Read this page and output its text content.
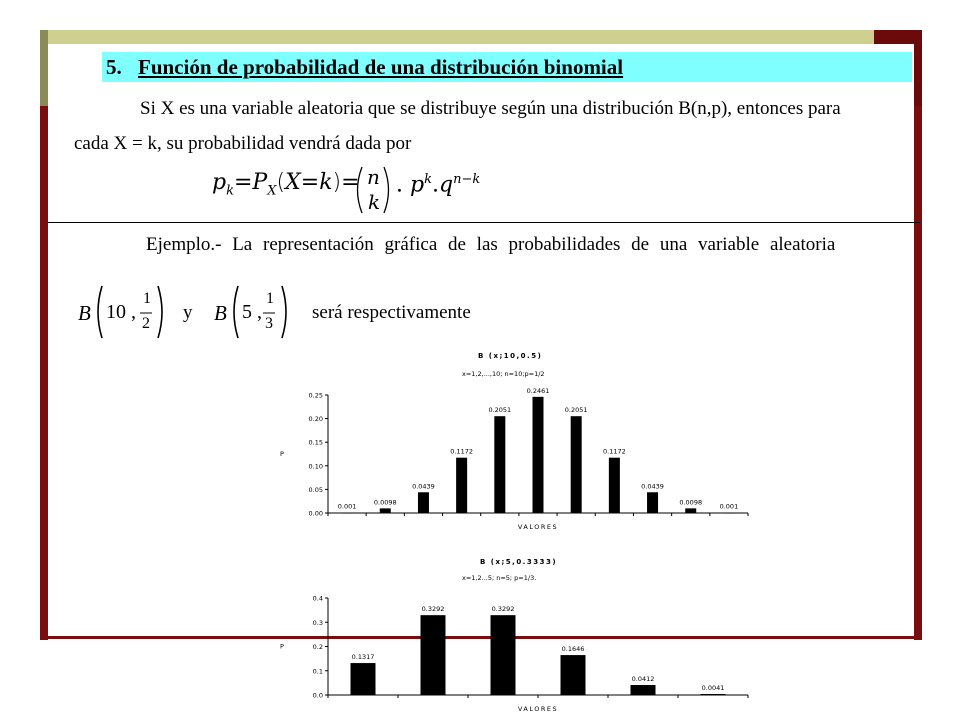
5. Función de probabilidad de una distribución binomial
Si X es una variable aleatoria que se distribuye según una distribución B(n,p), entonces para
cada X = k, su probabilidad vendrá dada por
$p_k=P_X(X=k)= n$
k
. $p^k.q^{n-k}$
Ejemplo.- La representación gráfica de las probabilidades de una variable aleatoria
B 10 ,
1
2
y B 5 ,
1
3
será respectivamente
B (x;10,0.5)
x=1,2,...,10; n=10;p=1/2
0.00
0.05
0.10
0.15
0.20
0.25
0.001
0.0098
0.0439
0.1172
0.2051
0.2461
0.2051
0.1172
0.0439
0.0098
0.001
VALORES
P
B (x;5,0.3333)
x=1,2...5; n=5; p=1/3.
0.0
0.1
0.2
0.3
0.4
0.1317
0.3292	0.3292
0.1646
0.0412
0.0041
VALORES
P
